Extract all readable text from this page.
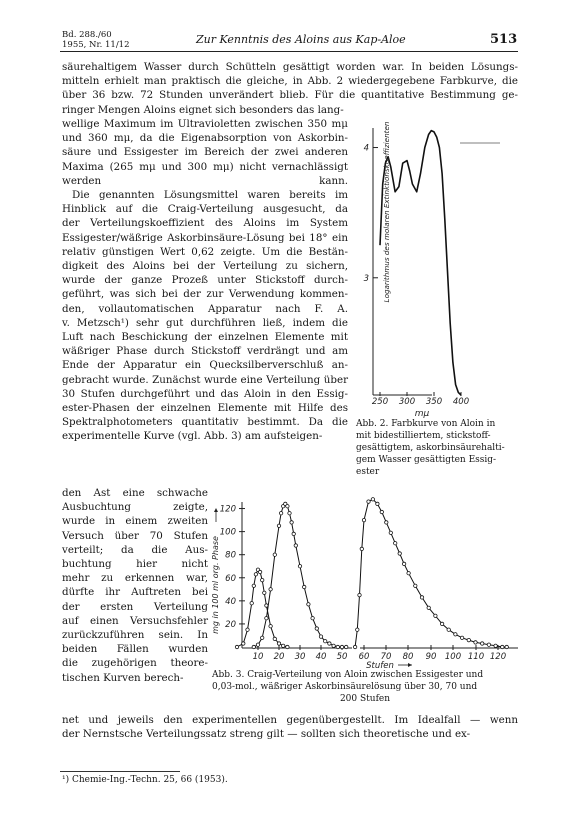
Bd. 288./60
1955, Nr. 11/12	Zur Kenntnis des Aloins aus Kap-Aloe	513
säurehaltigem Wasser durch Schütteln gesättigt worden war. In beiden Lösungs-
mitteln erhielt man praktisch die gleiche, in Abb. 2 wiedergegebene Farbkurve, die
über 36 bzw. 72 Stunden unverändert blieb. Für die quantitative Bestimmung ge-
ringer Mengen Aloins eignet sich besonders das lang-
wellige Maximum im Ultravioletten zwischen 350 mμ
und 360 mμ, da die Eigenabsorption von Askorbin-
säure und Essigester im Bereich der zwei anderen
Maxima (265 mμ und 300 mμ) nicht vernachlässigt
werden kann.
Die genannten Lösungsmittel waren bereits im
Hinblick auf die Craig-Verteilung ausgesucht, da
der Verteilungskoeffizient des Aloins im System
Essigester/wäßrige Askorbinsäure-Lösung bei 18° ein
relativ günstigen Wert 0,62 zeigte. Um die Bestän-
digkeit des Aloins bei der Verteilung zu sichern,
wurde der ganze Prozeß unter Stickstoff durch-
geführt, was sich bei der zur Verwendung kommen-
den, vollautomatischen Apparatur nach F. A.
v. Metzsch¹) sehr gut durchführen ließ, indem die
Luft nach Beschickung der einzelnen Elemente mit
wäßriger Phase durch Stickstoff verdrängt und am
Ende der Apparatur ein Quecksilberverschluß an-
gebracht wurde. Zunächst wurde eine Verteilung über
30 Stufen durchgeführt und das Aloin in den Essig-
ester-Phasen der einzelnen Elemente mit Hilfe des
Spektralphotometers quantitativ bestimmt. Da die
experimentelle Kurve (vgl. Abb. 3) am aufsteigen-
den Ast eine schwache
Ausbuchtung zeigte,
wurde in einem zweiten
Versuch über 70 Stufen
verteilt; da die Aus-
buchtung hier nicht
mehr zu erkennen war,
dürfte ihr Auftreten bei
der ersten Verteilung
auf einen Versuchsfehler
zurückzuführen sein. In
beiden Fällen wurden
die zugehörigen theore-
tischen Kurven berech-
net und jeweils den experimentellen gegenübergestellt. Im Idealfall — wenn
der Nernstsche Verteilungssatz streng gilt — sollten sich theoretische und ex-
250 300 350 400
3
4
mμ
Logarithmus des molaren Extinktionskoeffizienten
20
40
60
80
100
120
10 20 30 40 50 60 70 80 90 100 110 120
Stufen
mg in 100 ml org. Phase
Abb. 2. Farbkurve von Aloin in
mit bidestilliertem, stickstoff-
gesättigtem, askorbinsäurehalti-
gem Wasser gesättigten Essig-
ester
Abb. 3. Craig-Verteilung von Aloin zwischen Essigester und
0,03-mol., wäßriger Askorbinsäurelösung über 30, 70 und
200 Stufen
¹) Chemie-Ing.-Techn. 25, 66 (1953).
